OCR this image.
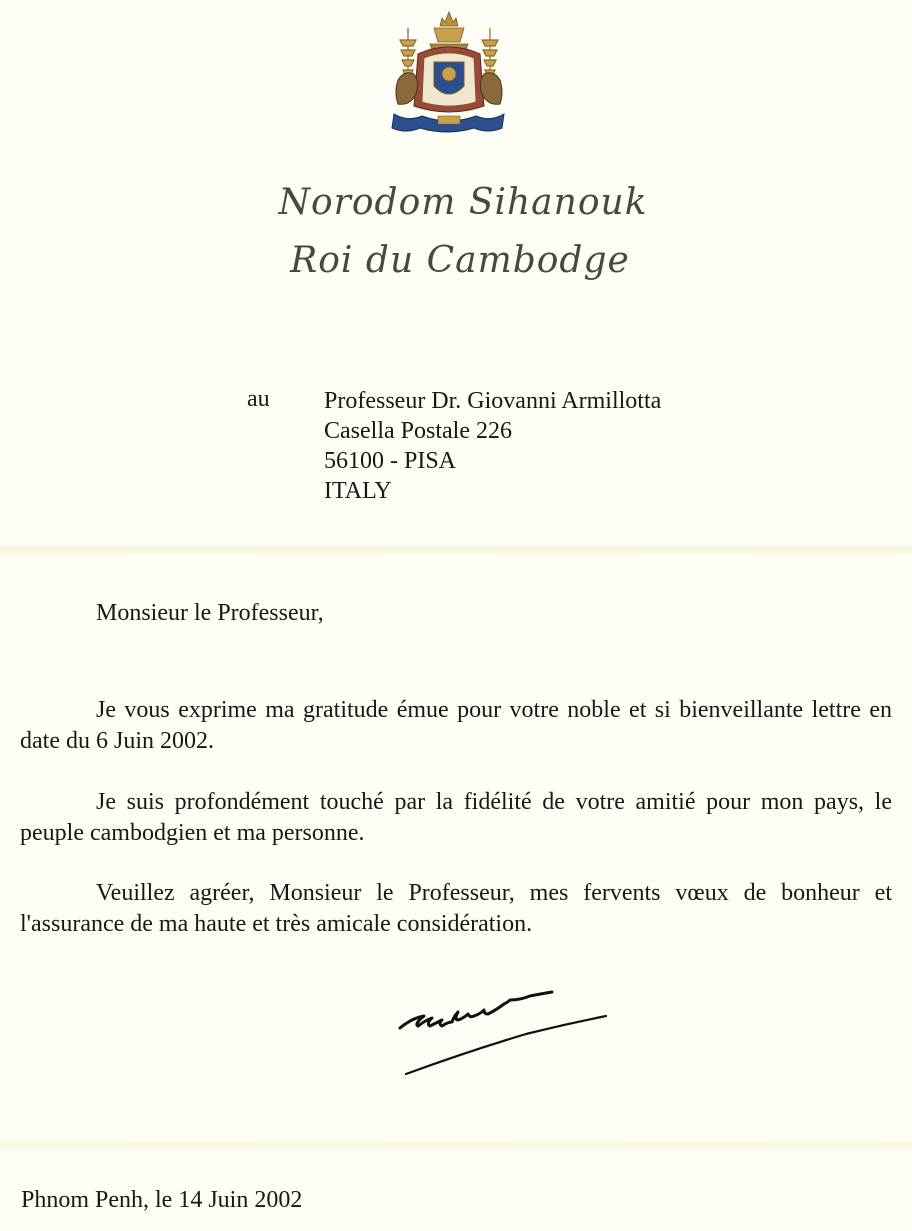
Norodom Sihanouk
Roi du Cambodge
au Professeur Dr. Giovanni Armillotta
Casella Postale 226
56100 - PISA
ITALY
Monsieur le Professeur,
Je vous exprime ma gratitude émue pour votre noble et si bienveillante lettre en date du 6 Juin 2002.
Je suis profondément touché par la fidélité de votre amitié pour mon pays, le peuple cambodgien et ma personne.
Veuillez agréer, Monsieur le Professeur, mes fervents vœux de bonheur et l'assurance de ma haute et très amicale considération.
Phnom Penh, le 14 Juin 2002
